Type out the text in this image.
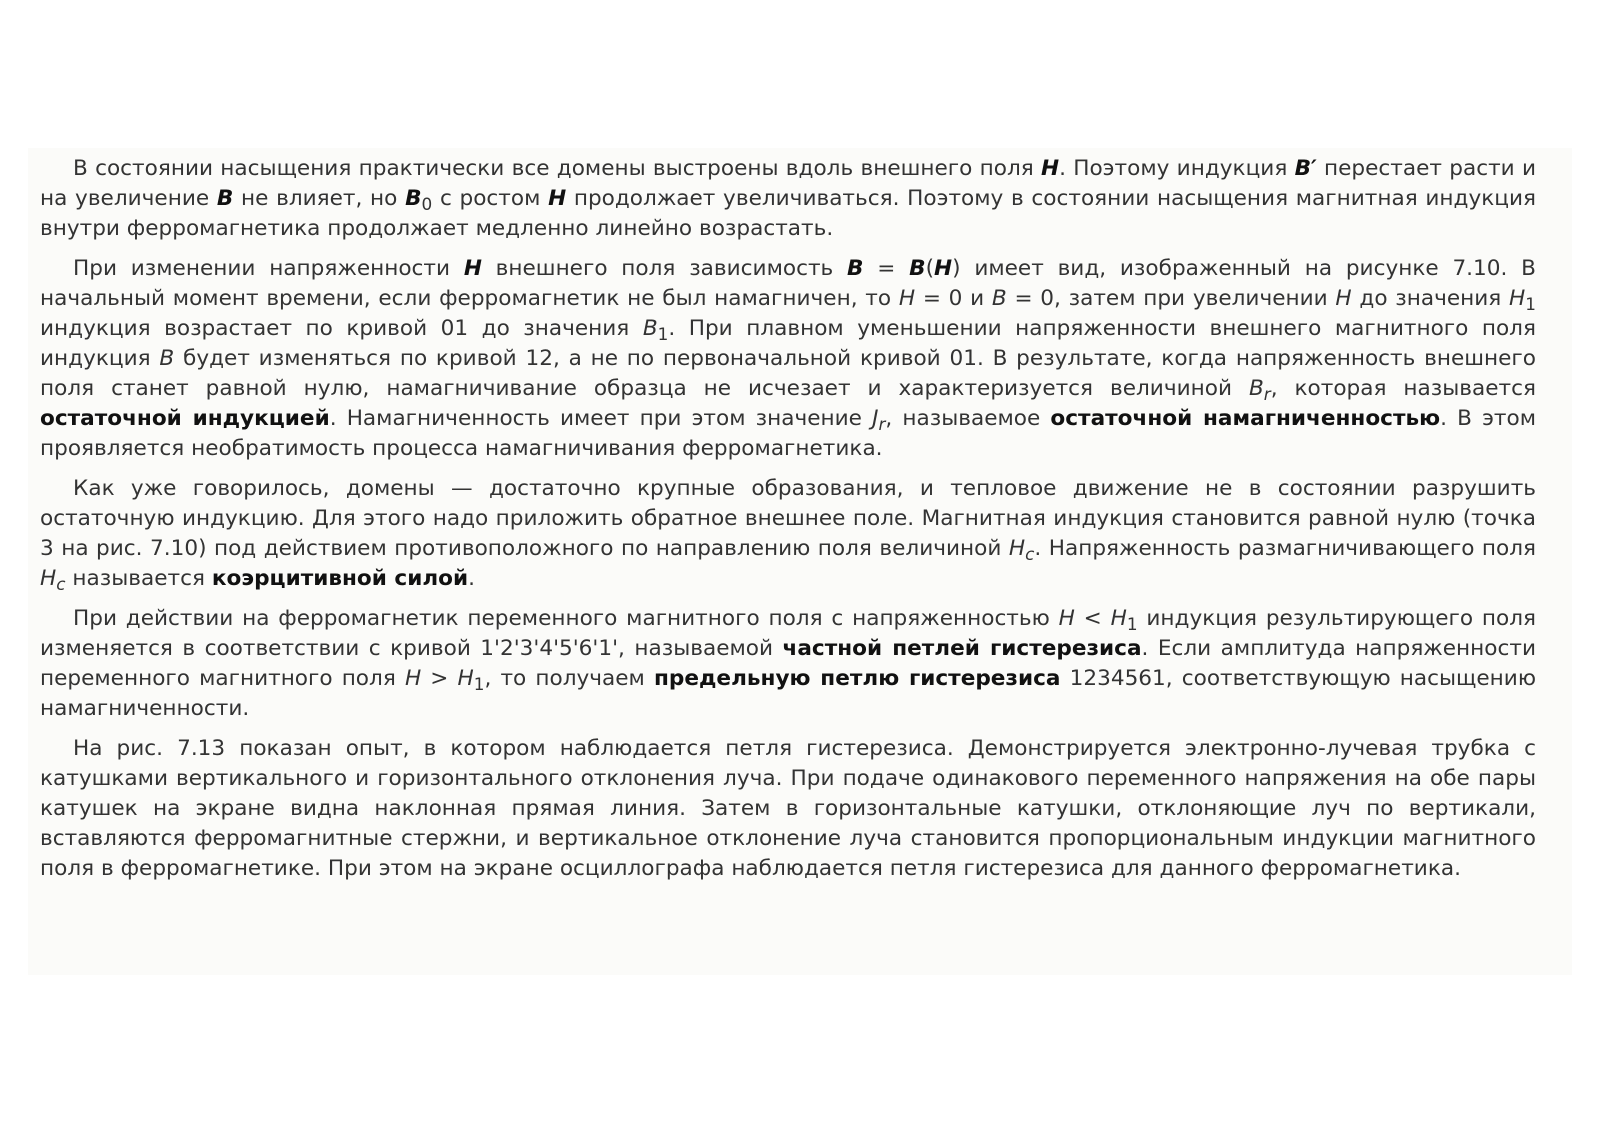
В состоянии насыщения практически все домены выстроены вдоль внешнего поля H. Поэтому индукция B′ перестает расти и на увеличение B не влияет, но $B_0$ с ростом H продолжает увеличиваться. Поэтому в состоянии насыщения магнитная индукция внутри ферромагнетика продолжает медленно линейно возрастать.

При изменении напряженности H внешнего поля зависимость B = B(H) имеет вид, изображенный на рисунке 7.10. В начальный момент времени, если ферромагнетик не был намагничен, то H = 0 и B = 0, затем при увеличении H до значения $H_1$ индукция возрастает по кривой 01 до значения $B_1$. При плавном уменьшении напряженности внешнего магнитного поля индукция B будет изменяться по кривой 12, а не по первоначальной кривой 01. В результате, когда напряженность внешнего поля станет равной нулю, намагничивание образца не исчезает и характеризуется величиной $B_r$, которая называется остаточной индукцией. Намагниченность имеет при этом значение $J_r$, называемое остаточной намагниченностью. В этом проявляется необратимость процесса намагничивания ферромагнетика.

Как уже говорилось, домены — достаточно крупные образования, и тепловое движение не в состоянии разрушить остаточную индукцию. Для этого надо приложить обратное внешнее поле. Магнитная индукция становится равной нулю (точка 3 на рис. 7.10) под действием противоположного по направлению поля величиной $H_c$. Напряженность размагничивающего поля $H_c$ называется коэрцитивной силой.

При действии на ферромагнетик переменного магнитного поля с напряженностью $H < H_1$ индукция результирующего поля изменяется в соответствии с кривой 1'2'3'4'5'6'1', называемой частной петлей гистерезиса. Если амплитуда напряженности переменного магнитного поля $H > H_1$, то получаем предельную петлю гистерезиса 1234561, соответствующую насыщению намагниченности.

На рис. 7.13 показан опыт, в котором наблюдается петля гистерезиса. Демонстрируется электронно-лучевая трубка с катушками вертикального и горизонтального отклонения луча. При подаче одинакового переменного напряжения на обе пары катушек на экране видна наклонная прямая линия. Затем в горизонтальные катушки, отклоняющие луч по вертикали, вставляются ферромагнитные стержни, и вертикальное отклонение луча становится пропорциональным индукции магнитного поля в ферромагнетике. При этом на экране осциллографа наблюдается петля гистерезиса для данного ферромагнетика.
